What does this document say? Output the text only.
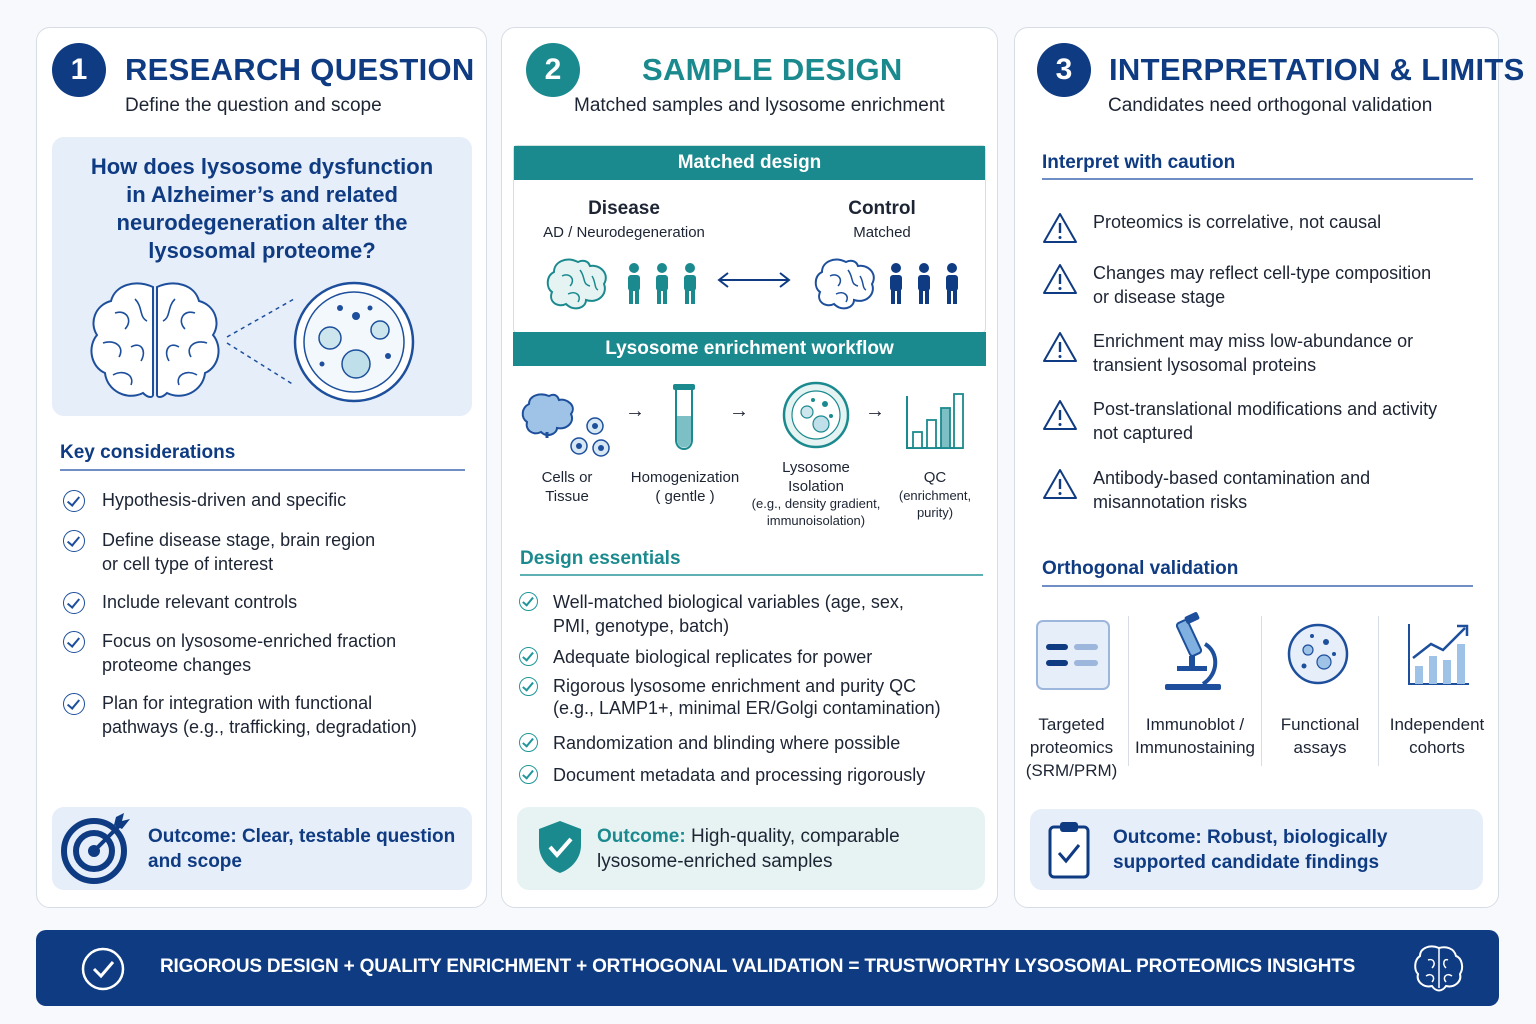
1	RESEARCH QUESTION
Define the question and scope
How does lysosome dysfunction in Alzheimer’s and related neurodegeneration alter the lysosomal proteome?
Key considerations
Hypothesis-driven and specific
Define disease stage, brain region
or cell type of interest
Include relevant controls
Focus on lysosome-enriched fraction
proteome changes
Plan for integration with functional
pathways (e.g., trafficking, degradation)
Outcome: Clear, testable question
and scope
2	SAMPLE DESIGN
Matched samples and lysosome enrichment
Matched design
Disease
AD / Neurodegeneration
Control
Matched
Lysosome enrichment workflow
Cells or
Tissue
→
Homogenization
( gentle )
→
Lysosome
Isolation
(e.g., density gradient,
immunoisolation)
→
QC
(enrichment,
purity)
Design essentials
Well-matched biological variables (age, sex,
PMI, genotype, batch)
Adequate biological replicates for power
Rigorous lysosome enrichment and purity QC
(e.g., LAMP1+, minimal ER/Golgi contamination)
Randomization and blinding where possible
Document metadata and processing rigorously
Outcome: High-quality, comparable
lysosome-enriched samples
3	INTERPRETATION & LIMITS
Candidates need orthogonal validation
Interpret with caution
Proteomics is correlative, not causal
Changes may reflect cell-type composition
or disease stage
Enrichment may miss low-abundance or
transient lysosomal proteins
Post-translational modifications and activity
not captured
Antibody-based contamination and
misannotation risks
Orthogonal validation
Targeted
proteomics
(SRM/PRM)
Immunoblot /
Immunostaining
Functional
assays
Independent
cohorts
Outcome: Robust, biologically
supported candidate findings
RIGOROUS DESIGN + QUALITY ENRICHMENT + ORTHOGONAL VALIDATION = TRUSTWORTHY LYSOSOMAL PROTEOMICS INSIGHTS
